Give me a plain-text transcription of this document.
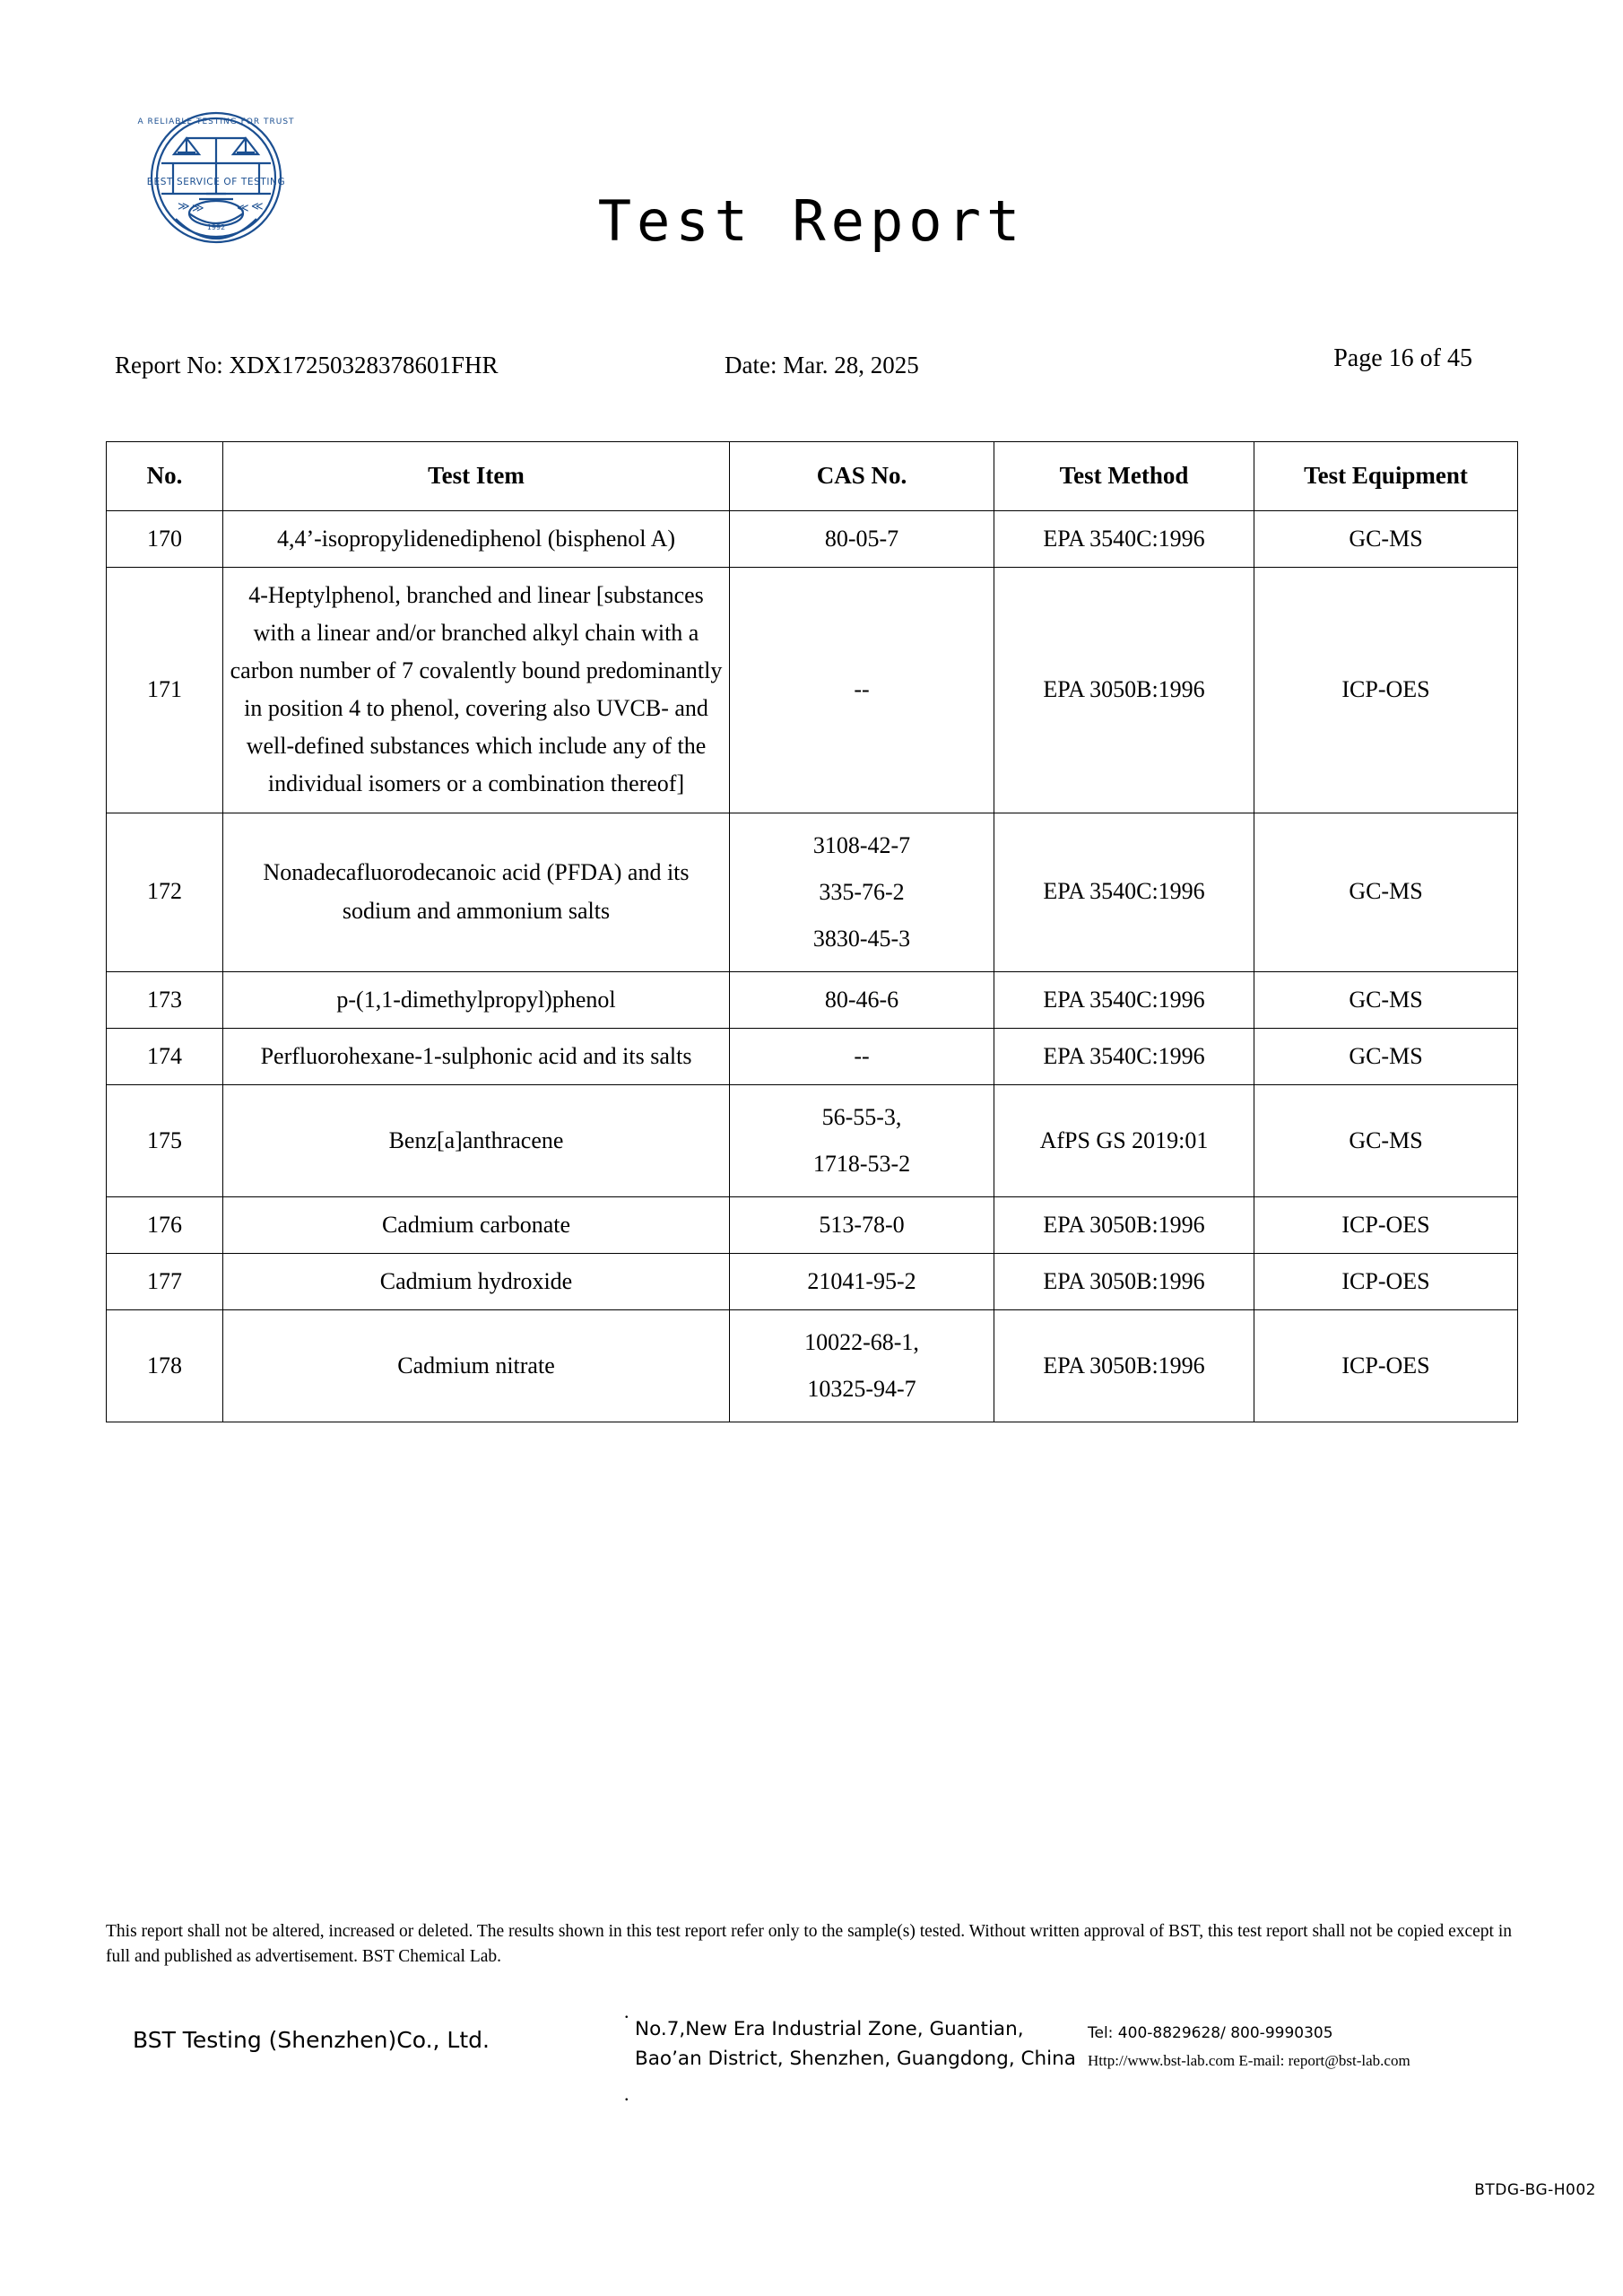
A RELIABLE TESTING FOR TRUST
BEST SERVICE OF TESTING
1992
≫ ≫	≪ ≪	Test Report
Report No: XDX17250328378601FHR	Date: Mar. 28, 2025	Page 16 of 45
No.	Test Item	CAS No.	Test Method	Test Equipment
170	4,4’-isopropylidenediphenol (bisphenol A)	80-05-7	EPA 3540C:1996	GC-MS
171	4-Heptylphenol, branched and linear [substances with a linear and/or branched alkyl chain with a carbon number of 7 covalently bound predominantly in position 4 to phenol, covering also UVCB- and well-defined substances which include any of the individual isomers or a combination thereof]	--	EPA 3050B:1996	ICP-OES
172	Nonadecafluorodecanoic acid (PFDA) and its sodium and ammonium salts	3108-42-7
335-76-2
3830-45-3	EPA 3540C:1996	GC-MS
173	p-(1,1-dimethylpropyl)phenol	80-46-6	EPA 3540C:1996	GC-MS
174	Perfluorohexane-1-sulphonic acid and its salts	--	EPA 3540C:1996	GC-MS
175	Benz[a]anthracene	56-55-3,
1718-53-2	AfPS GS 2019:01	GC-MS
176	Cadmium carbonate	513-78-0	EPA 3050B:1996	ICP-OES
177	Cadmium hydroxide	21041-95-2	EPA 3050B:1996	ICP-OES
178	Cadmium nitrate	10022-68-1,
10325-94-7	EPA 3050B:1996	ICP-OES
This report shall not be altered, increased or deleted. The results shown in this test report refer only to the sample(s) tested. Without written approval of BST, this test report shall not be copied except in full and published as advertisement. BST Chemical Lab.
BST Testing (Shenzhen)Co., Ltd.
.
No.7,New Era Industrial Zone, Guantian,
Bao’an District, Shenzhen, Guangdong, China
.
Tel: 400-8829628/ 800-9990305
Http://www.bst-lab.com E-mail: report@bst-lab.com
BTDG-BG-H002
